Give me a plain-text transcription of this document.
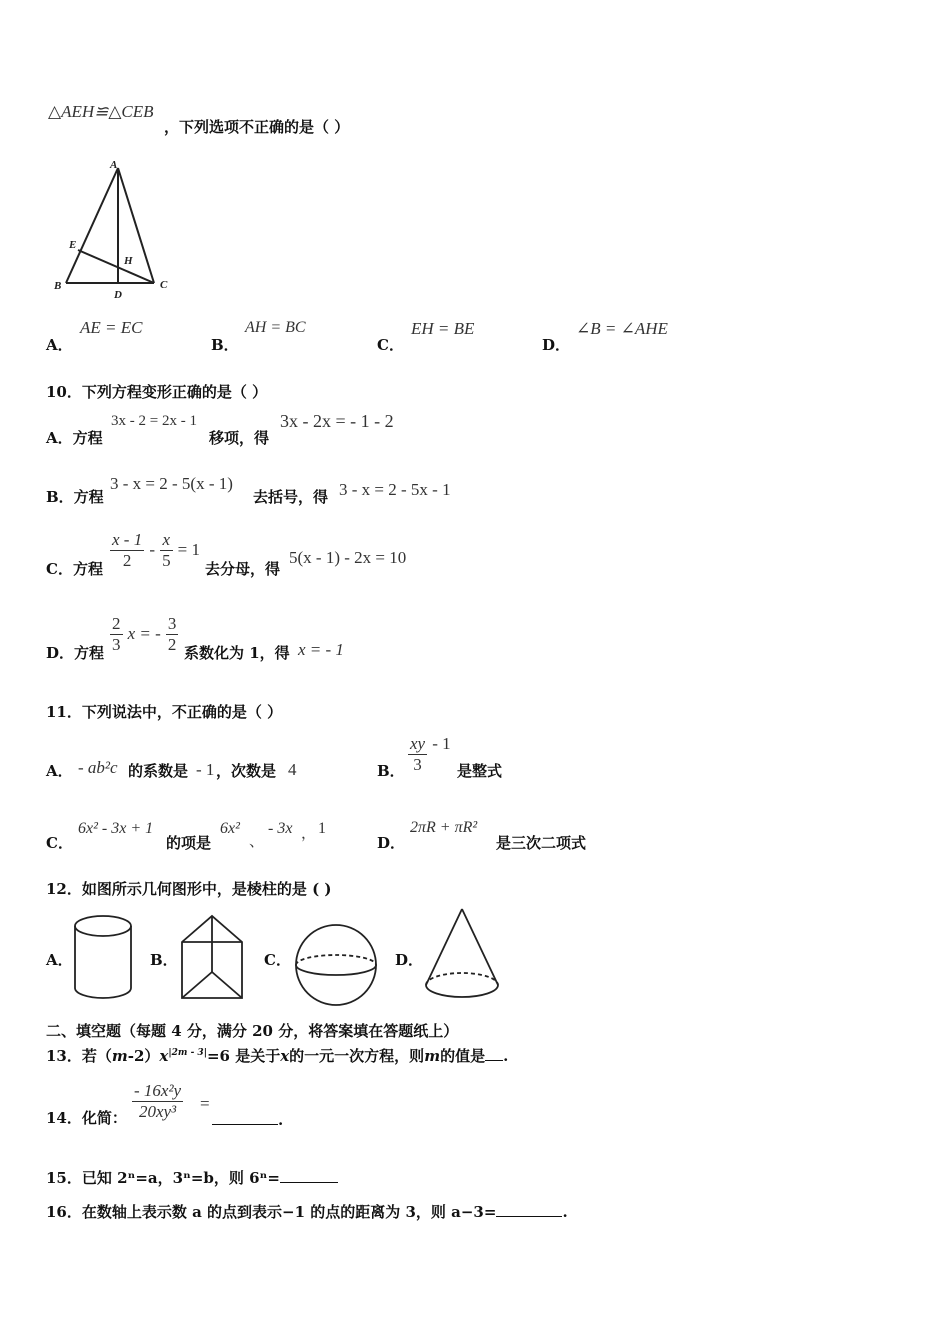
△AEH≌△CEB
，下列选项不正确的是（ ）
A
E
H
B
D
C
A．
AE = EC
B．
AH = BC
C．
EH = BE
D．
∠B = ∠AHE
10．下列方程变形正确的是（ ）
A．方程
3x - 2 = 2x - 1
移项，得
3x - 2x = - 1 - 2
B．方程
3 - x = 2 - 5(x - 1)
去括号，得 3 - x = 2 - 5x - 1
C．方程 $\frac{x - 1}{2} - \frac{x}{5} = 1$
去分母，得
5(x - 1) - 2x = 10
D．方程 $\frac{2}{3}$ x = - $\frac{3}{2}$ 系数化为 1，得 x = - 1
11．下列说法中，不正确的是（ ）
A． - ab²c 的系数是 - 1 ，次数是 4	B． $\frac{xy}{3} - 1$
是整式
C．
6x² - 3x + 1
的项是
6x²
、
- 3x ， 1
D．
2πR + πR²
是三次二项式
12．如图所示几何图形中，是棱柱的是 ( )
A．	B．	C．	D．
二、填空题（每题 4 分，满分 20 分，将答案填在答题纸上）
13．若$(m-2)x^{|2m - 3|}=6$ 是关于x的一元一次方程，则m的值是 .
14．化简： $\frac{\text{- 16x²y}}{\text{20xy³}}$ =
.
15．已知 2ⁿ=a，3ⁿ=b，则 6ⁿ=
16．在数轴上表示数 a 的点到表示−1 的点的距离为 3，则 a−3=	.
